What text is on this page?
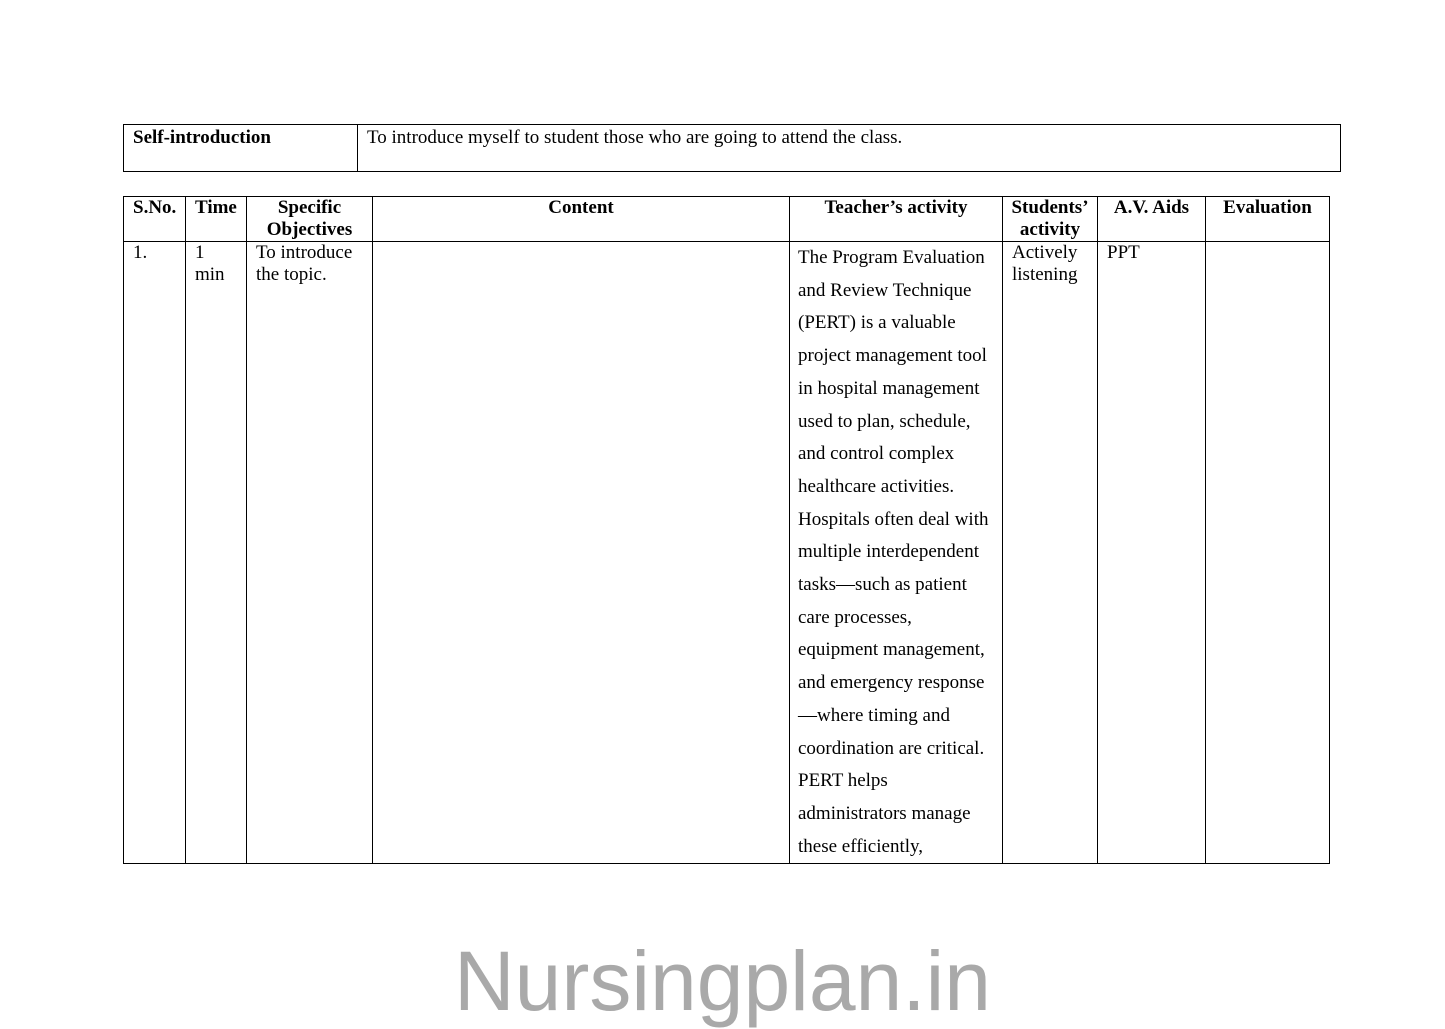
Self-introduction	To introduce myself to student those who are going to attend the class.
S.No.	Time	Specific Objectives	Content	Teacher’s activity	Students’ activity	A.V. Aids	Evaluation
1.	1 min	To introduce the topic.		The Program Evaluation and Review Technique (PERT) is a valuable project management tool in hospital management used to plan, schedule, and control complex healthcare activities. Hospitals often deal with multiple interdependent tasks—such as patient care processes, equipment management, and emergency response—where timing and coordination are critical. PERT helps administrators manage these efficiently,	Actively listening	PPT	
Nursingplan.in
